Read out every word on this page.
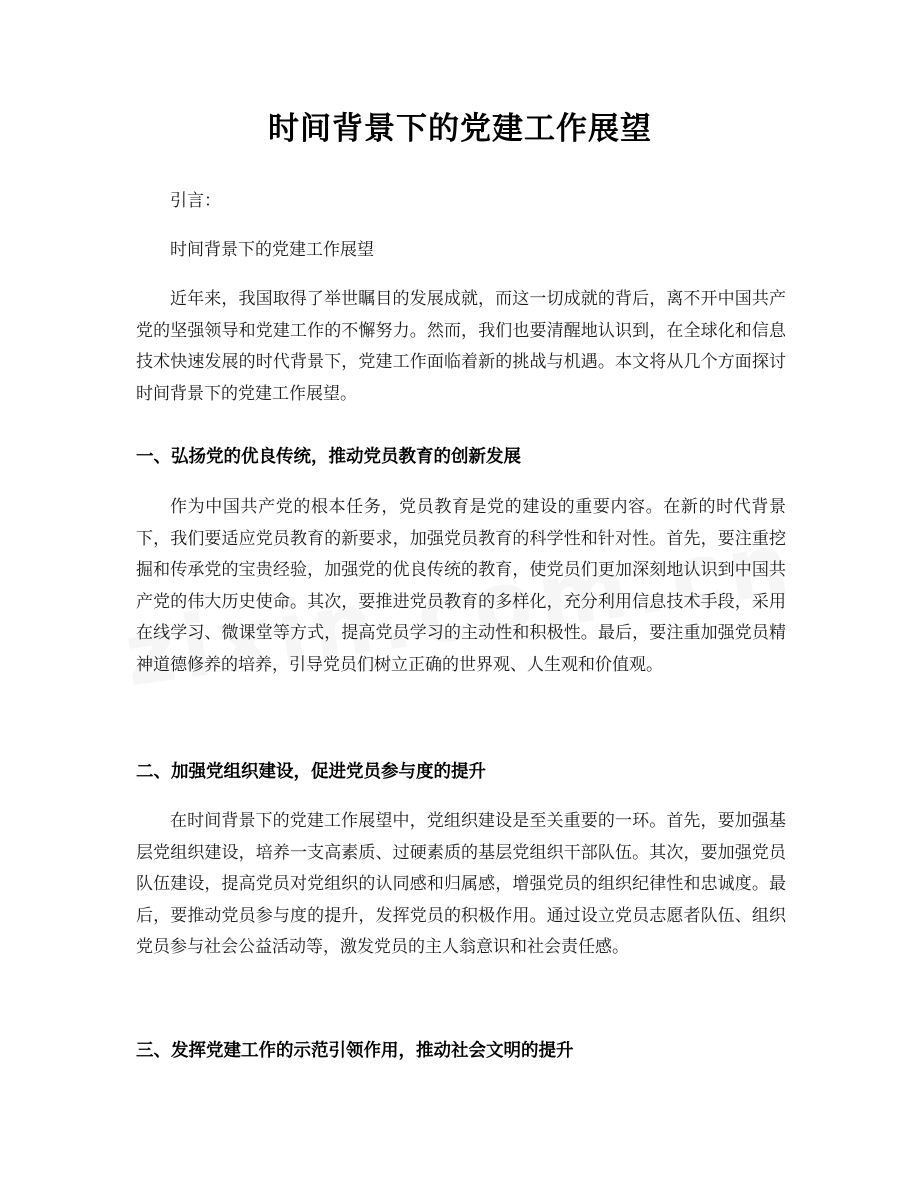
时间背景下的党建工作展望
引言：
时间背景下的党建工作展望

近年来，我国取得了举世瞩目的发展成就，而这一切成就的背后，离不开中国共产党的坚强领导和党建工作的不懈努力。然而，我们也要清醒地认识到，在全球化和信息技术快速发展的时代背景下，党建工作面临着新的挑战与机遇。本文将从几个方面探讨时间背景下的党建工作展望。

一、弘扬党的优良传统，推动党员教育的创新发展

作为中国共产党的根本任务，党员教育是党的建设的重要内容。在新的时代背景下，我们要适应党员教育的新要求，加强党员教育的科学性和针对性。首先，要注重挖掘和传承党的宝贵经验，加强党的优良传统的教育，使党员们更加深刻地认识到中国共产党的伟大历史使命。其次，要推进党员教育的多样化，充分利用信息技术手段，采用在线学习、微课堂等方式，提高党员学习的主动性和积极性。最后，要注重加强党员精神道德修养的培养，引导党员们树立正确的世界观、人生观和价值观。

二、加强党组织建设，促进党员参与度的提升

在时间背景下的党建工作展望中，党组织建设是至关重要的一环。首先，要加强基层党组织建设，培养一支高素质、过硬素质的基层党组织干部队伍。其次，要加强党员队伍建设，提高党员对党组织的认同感和归属感，增强党员的组织纪律性和忠诚度。最后，要推动党员参与度的提升，发挥党员的积极作用。通过设立党员志愿者队伍、组织党员参与社会公益活动等，激发党员的主人翁意识和社会责任感。

三、发挥党建工作的示范引领作用，推动社会文明的提升
